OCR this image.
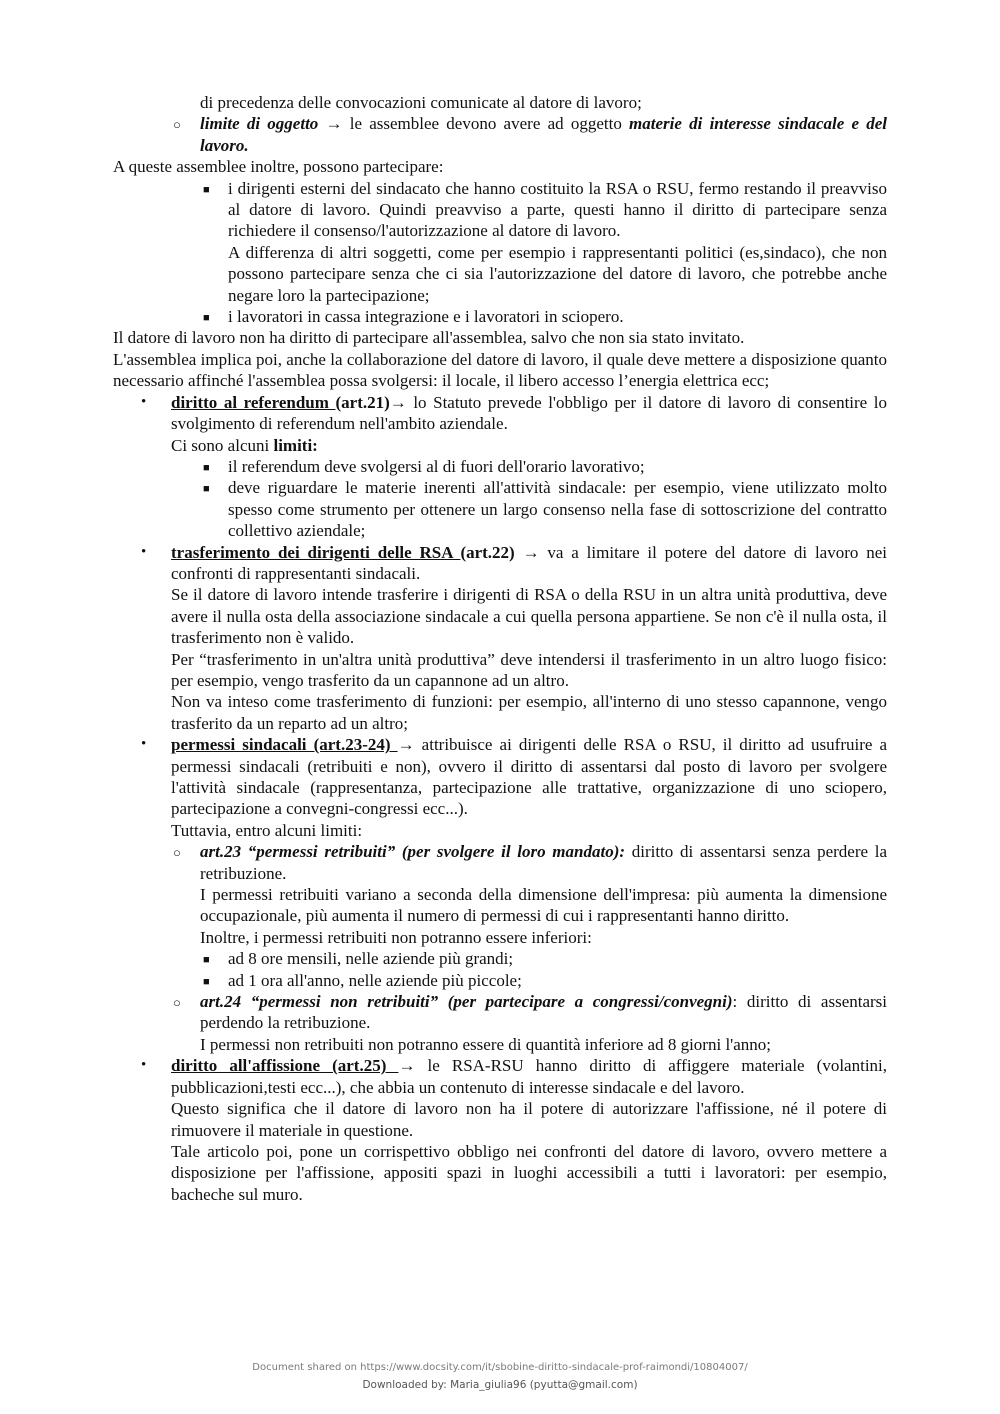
di precedenza delle convocazioni comunicate al datore di lavoro;

○ limite di oggetto → le assemblee devono avere ad oggetto materie di interesse sindacale e del lavoro.

A queste assemblee inoltre, possono partecipare:

■ i dirigenti esterni del sindacato che hanno costituito la RSA o RSU, fermo restando il preavviso al datore di lavoro. Quindi preavviso a parte, questi hanno il diritto di partecipare senza richiedere il consenso/l'autorizzazione al datore di lavoro.

A differenza di altri soggetti, come per esempio i rappresentanti politici (es,sindaco), che non possono partecipare senza che ci sia l'autorizzazione del datore di lavoro, che potrebbe anche negare loro la partecipazione;

■ i lavoratori in cassa integrazione e i lavoratori in sciopero.

Il datore di lavoro non ha diritto di partecipare all'assemblea, salvo che non sia stato invitato.

L'assemblea implica poi, anche la collaborazione del datore di lavoro, il quale deve mettere a disposizione quanto necessario affinché l'assemblea possa svolgersi: il locale, il libero accesso l’energia elettrica ecc;

• diritto al referendum (art.21)→ lo Statuto prevede l'obbligo per il datore di lavoro di consentire lo svolgimento di referendum nell'ambito aziendale.

Ci sono alcuni limiti:

■ il referendum deve svolgersi al di fuori dell'orario lavorativo;
■ deve riguardare le materie inerenti all'attività sindacale: per esempio, viene utilizzato molto spesso come strumento per ottenere un largo consenso nella fase di sottoscrizione del contratto collettivo aziendale;
• trasferimento dei dirigenti delle RSA (art.22) → va a limitare il potere del datore di lavoro nei confronti di rappresentanti sindacali.

Se il datore di lavoro intende trasferire i dirigenti di RSA o della RSU in un altra unità produttiva, deve avere il nulla osta della associazione sindacale a cui quella persona appartiene. Se non c'è il nulla osta, il trasferimento non è valido.

Per “trasferimento in un'altra unità produttiva” deve intendersi il trasferimento in un altro luogo fisico: per esempio, vengo trasferito da un capannone ad un altro.

Non va inteso come trasferimento di funzioni: per esempio, all'interno di uno stesso capannone, vengo trasferito da un reparto ad un altro;

• permessi sindacali (art.23-24) → attribuisce ai dirigenti delle RSA o RSU, il diritto ad usufruire a permessi sindacali (retribuiti e non), ovvero il diritto di assentarsi dal posto di lavoro per svolgere l'attività sindacale (rappresentanza, partecipazione alle trattative, organizzazione di uno sciopero, partecipazione a convegni-congressi ecc...).

Tuttavia, entro alcuni limiti:

○ art.23 “permessi retribuiti” (per svolgere il loro mandato): diritto di assentarsi senza perdere la retribuzione.

I permessi retribuiti variano a seconda della dimensione dell'impresa: più aumenta la dimensione occupazionale, più aumenta il numero di permessi di cui i rappresentanti hanno diritto.

Inoltre, i permessi retribuiti non potranno essere inferiori:

■ ad 8 ore mensili, nelle aziende più grandi;
■ ad 1 ora all'anno, nelle aziende più piccole;
○ art.24 “permessi non retribuiti” (per partecipare a congressi/convegni): diritto di assentarsi perdendo la retribuzione.

I permessi non retribuiti non potranno essere di quantità inferiore ad 8 giorni l'anno;

• diritto all'affissione (art.25) → le RSA-RSU hanno diritto di affiggere materiale (volantini, pubblicazioni,testi ecc...), che abbia un contenuto di interesse sindacale e del lavoro.

Questo significa che il datore di lavoro non ha il potere di autorizzare l'affissione, né il potere di rimuovere il materiale in questione.

Tale articolo poi, pone un corrispettivo obbligo nei confronti del datore di lavoro, ovvero mettere a disposizione per l'affissione, appositi spazi in luoghi accessibili a tutti i lavoratori: per esempio, bacheche sul muro.

Document shared on https://www.docsity.com/it/sbobine-diritto-sindacale-prof-raimondi/10804007/
Downloaded by: Maria_giulia96 (pyutta@gmail.com)
